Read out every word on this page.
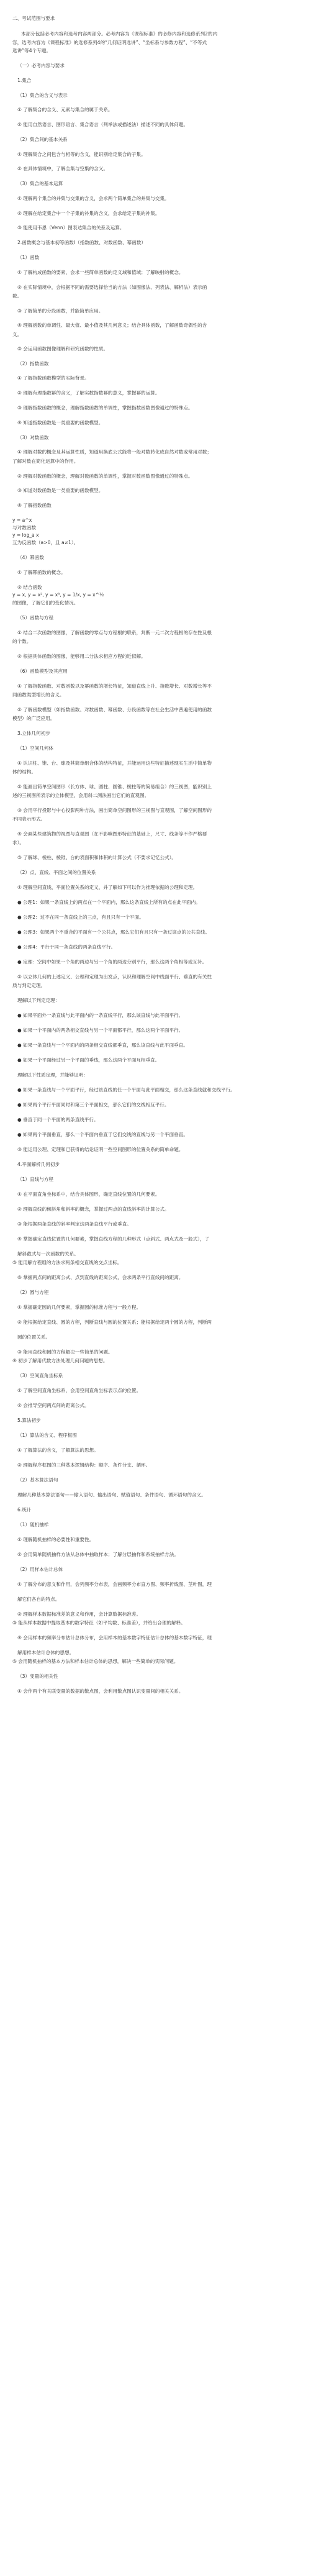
二、考试范围与要求
本部分包括必考内容和选考内容两部分。必考内容为《课程标准》的必修内容和选修系列2的内
容，选考内容为《课程标准》的选修系列4的“几何证明选讲”、“坐标系与参数方程”、“不等式
选讲”等4个专题。
（一）必考内容与要求
1.集合
（1）集合的含义与表示
① 了解集合的含义、元素与集合的属于关系。
② 能用自然语言、图形语言、集合语言（列举法或描述法）描述不同的具体问题。
（2）集合间的基本关系
① 理解集合之间包含与相等的含义，能识别给定集合的子集。
② 在具体情境中，了解全集与空集的含义。
（3）集合的基本运算
① 理解两个集合的并集与交集的含义，会求两个简单集合的并集与交集。
② 理解在给定集合中一个子集的补集的含义，会求给定子集的补集。
③ 能使用韦恩（Venn）图表达集合的关系及运算。
2.函数概念与基本初等函数Ⅰ（指数函数、对数函数、幂函数）
（1）函数
① 了解构成函数的要素，会求一些简单函数的定义域和值域；了解映射的概念。
② 在实际情境中，会根据不同的需要选择恰当的方法（如图像法、列表法、解析法）表示函
数。
③ 了解简单的分段函数，并能简单应用。
④ 理解函数的单调性、最大值、最小值及其几何意义；结合具体函数，了解函数奇偶性的含
义。
⑤ 会运用函数图像理解和研究函数的性质。
（2）指数函数
① 了解指数函数模型的实际背景。
② 理解有理指数幂的含义，了解实数指数幂的意义，掌握幂的运算。
③ 理解指数函数的概念，理解指数函数的单调性，掌握指数函数图像通过的特殊点。
④ 知道指数函数是一类重要的函数模型。
（3）对数函数
① 理解对数的概念及其运算性质，知道用换底公式能将一般对数转化成自然对数或常用对数；
了解对数在简化运算中的作用。
② 理解对数函数的概念，理解对数函数的单调性，掌握对数函数图像通过的特殊点。
③ 知道对数函数是一类重要的函数模型。
④ 了解指数函数
y = a^x
与对数函数
y = log_a x
互为反函数（a>0，且 a≠1）。
（4）幂函数
① 了解幂函数的概念。
② 结合函数
y = x, y = x², y = x³, y = 1/x, y = x^½
的图像，了解它们的变化情况。
（5）函数与方程
① 结合二次函数的图像，了解函数的零点与方程根的联系，判断一元二次方程根的存在性及根
的个数。
② 根据具体函数的图像，能够用二分法求相应方程的近似解。
（6）函数模型及其应用
① 了解指数函数、对数函数以及幂函数的增长特征，知道直线上升、指数增长、对数增长等不
同函数类型增长的含义。
② 了解函数模型（如指数函数、对数函数、幂函数、分段函数等在社会生活中普遍使用的函数
模型）的广泛应用。
3.立体几何初步
（1）空间几何体
① 认识柱、锥、台、球及其简单组合体的结构特征，并能运用这些特征描述现实生活中简单物
体的结构。
② 能画出简单空间图形（长方体、球、圆柱、圆锥、棱柱等的简易组合）的三视图，能识别上
述的三视图所表示的立体模型，会用斜二测法画出它们的直观图。
③ 会用平行投影与中心投影两种方法，画出简单空间图形的三视图与直观图，了解空间图形的
不同表示形式。
④ 会画某些建筑物的视图与直观图（在不影响图形特征的基础上，尺寸、线条等不作严格要
求）。
⑤ 了解球、棱柱、棱锥、台的表面积和体积的计算公式（不要求记忆公式）。
（2）点、直线、平面之间的位置关系
① 理解空间直线、平面位置关系的定义，并了解如下可以作为推理依据的公理和定理。
● 公理1：如果一条直线上的两点在一个平面内，那么这条直线上所有的点在此平面内。
● 公理2：过不在同一条直线上的三点，有且只有一个平面。
● 公理3：如果两个不重合的平面有一个公共点，那么它们有且只有一条过该点的公共直线。
● 公理4：平行于同一条直线的两条直线平行。
● 定理：空间中如果一个角的两边与另一个角的两边分别平行，那么这两个角相等或互补。
② 以立体几何的上述定义、公理和定理为出发点，认识和理解空间中线面平行、垂直的有关性
质与判定定理。
理解以下判定定理：
● 如果平面外一条直线与此平面内的一条直线平行，那么该直线与此平面平行。
● 如果一个平面内的两条相交直线与另一个平面都平行，那么这两个平面平行。
● 如果一条直线与一个平面内的两条相交直线都垂直，那么该直线与此平面垂直。
● 如果一个平面经过另一个平面的垂线，那么这两个平面互相垂直。
理解以下性质定理，并能够证明：
● 如果一条直线与一个平面平行，经过该直线的任一个平面与此平面相交，那么这条直线就和交线平行。
● 如果两个平行平面同时和第三个平面相交，那么它们的交线相互平行。
● 垂直于同一个平面的两条直线平行。
● 如果两个平面垂直，那么一个平面内垂直于它们交线的直线与另一个平面垂直。
③ 能运用公理、定理和已获得的结论证明一些空间图形的位置关系的简单命题。
4.平面解析几何初步
（1）直线与方程
① 在平面直角坐标系中，结合具体图形，确定直线位置的几何要素。
② 理解直线的倾斜角和斜率的概念，掌握过两点的直线斜率的计算公式。
③ 能根据两条直线的斜率判定这两条直线平行或垂直。
④ 掌握确定直线位置的几何要素，掌握直线方程的几种形式（点斜式、两点式及一般式），了
解斜截式与一次函数的关系。
⑤ 能用解方程组的方法求两条相交直线的交点坐标。
⑥ 掌握两点间的距离公式、点到直线的距离公式，会求两条平行直线间的距离。
（2）圆与方程
① 掌握确定圆的几何要素，掌握圆的标准方程与一般方程。
② 能根据给定直线、圆的方程，判断直线与圆的位置关系；能根据给定两个圆的方程，判断两
圆的位置关系。
③ 能用直线和圆的方程解决一些简单的问题。
④ 初步了解用代数方法处理几何问题的思想。
（3）空间直角坐标系
① 了解空间直角坐标系，会用空间直角坐标表示点的位置。
② 会推导空间两点间的距离公式。
5.算法初步
（1）算法的含义、程序框图
① 了解算法的含义，了解算法的思想。
② 理解程序框图的三种基本逻辑结构：顺序、条件分支、循环。
（2）基本算法语句
理解几种基本算法语句——输入语句、输出语句、赋值语句、条件语句、循环语句的含义。
6.统计
（1）随机抽样
① 理解随机抽样的必要性和重要性。
② 会用简单随机抽样方法从总体中抽取样本；了解分层抽样和系统抽样方法。
（2）用样本估计总体
① 了解分布的意义和作用，会列频率分布表，会画频率分布直方图、频率折线图、茎叶图，理
解它们各自的特点。
② 理解样本数据标准差的意义和作用，会计算数据标准差。
③ 能从样本数据中提取基本的数字特征（如平均数、标准差），并给出合理的解释。
④ 会用样本的频率分布估计总体分布，会用样本的基本数字特征估计总体的基本数字特征，理
解用样本估计总体的思想。
⑤ 会用随机抽样的基本方法和样本估计总体的思想，解决一些简单的实际问题。
（3）变量的相关性
① 会作两个有关联变量的数据的散点图，会利用散点图认识变量间的相关关系。
